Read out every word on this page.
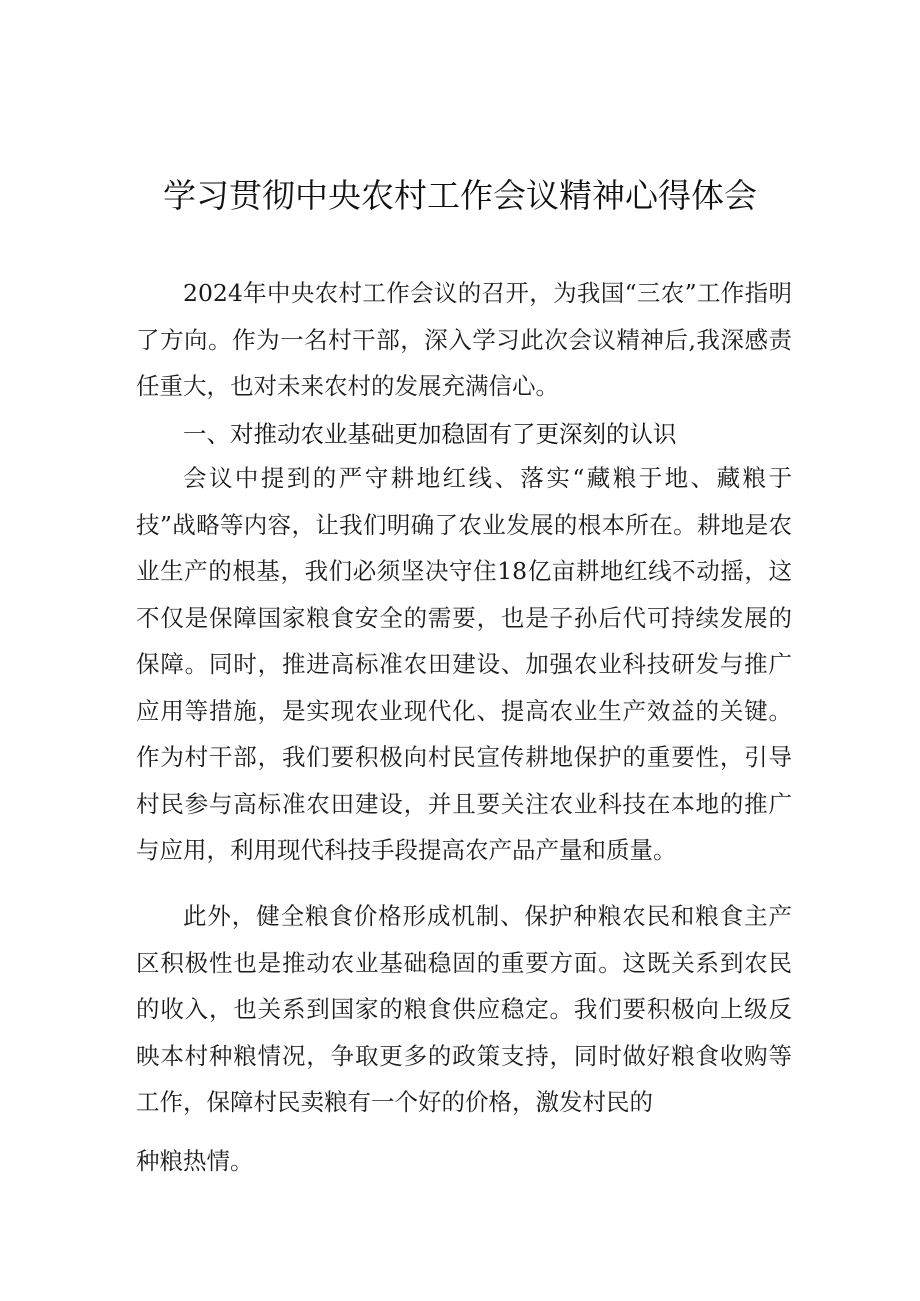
学习贯彻中央农村工作会议精神心得体会

2024年中央农村工作会议的召开，为我国“三农”工作指明了方向。作为一名村干部，深入学习此次会议精神后,我深感责任重大，也对未来农村的发展充满信心。

一、对推动农业基础更加稳固有了更深刻的认识

会议中提到的严守耕地红线、落实“藏粮于地、藏粮于技”战略等内容，让我们明确了农业发展的根本所在。耕地是农业生产的根基，我们必须坚决守住18亿亩耕地红线不动摇，这不仅是保障国家粮食安全的需要，也是子孙后代可持续发展的保障。同时，推进高标准农田建设、加强农业科技研发与推广应用等措施，是实现农业现代化、提高农业生产效益的关键。作为村干部，我们要积极向村民宣传耕地保护的重要性，引导村民参与高标准农田建设，并且要关注农业科技在本地的推广与应用，利用现代科技手段提高农产品产量和质量。

此外，健全粮食价格形成机制、保护种粮农民和粮食主产区积极性也是推动农业基础稳固的重要方面。这既关系到农民的收入，也关系到国家的粮食供应稳定。我们要积极向上级反映本村种粮情况，争取更多的政策支持，同时做好粮食收购等工作，保障村民卖粮有一个好的价格，激发村民的

种粮热情。
